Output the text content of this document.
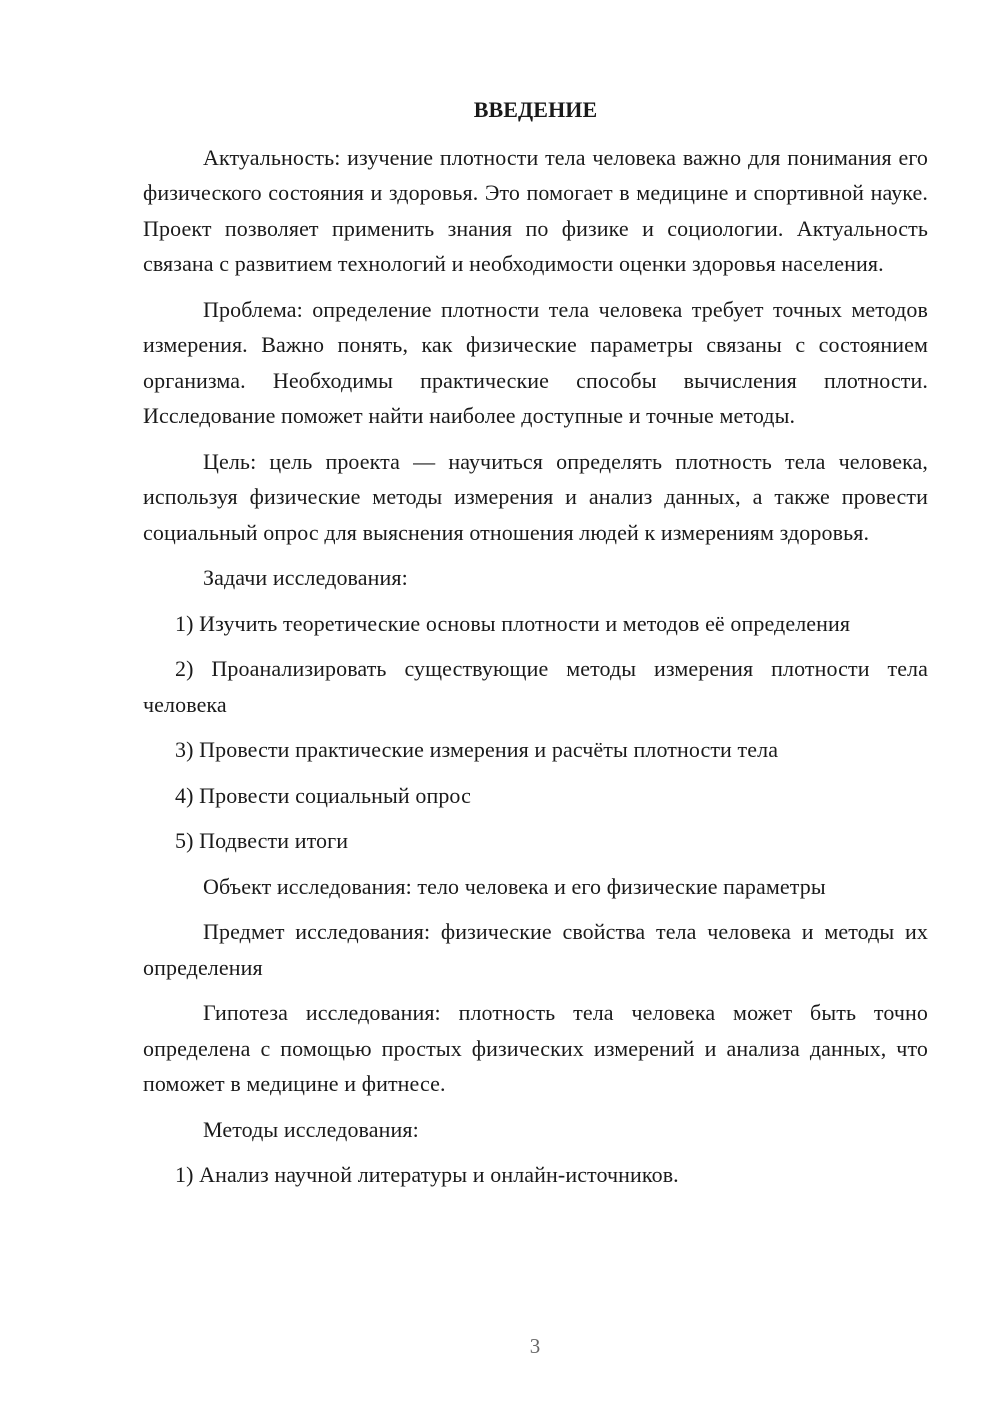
ВВЕДЕНИЕ

Актуальность: изучение плотности тела человека важно для понимания его физического состояния и здоровья. Это помогает в медицине и спортивной науке. Проект позволяет применить знания по физике и социологии. Актуальность связана с развитием технологий и необходимости оценки здоровья населения.

Проблема: определение плотности тела человека требует точных методов измерения. Важно понять, как физические параметры связаны с состоянием организма. Необходимы практические способы вычисления плотности. Исследование поможет найти наиболее доступные и точные методы.

Цель: цель проекта — научиться определять плотность тела человека, используя физические методы измерения и анализ данных, а также провести социальный опрос для выяснения отношения людей к измерениям здоровья.

Задачи исследования:

1) Изучить теоретические основы плотности и методов её определения

2) Проанализировать существующие методы измерения плотности тела человека

3) Провести практические измерения и расчёты плотности тела

4) Провести социальный опрос

5) Подвести итоги

Объект исследования: тело человека и его физические параметры

Предмет исследования: физические свойства тела человека и методы их определения

Гипотеза исследования: плотность тела человека может быть точно определена с помощью простых физических измерений и анализа данных, что поможет в медицине и фитнесе.

Методы исследования:

1) Анализ научной литературы и онлайн-источников.

3
